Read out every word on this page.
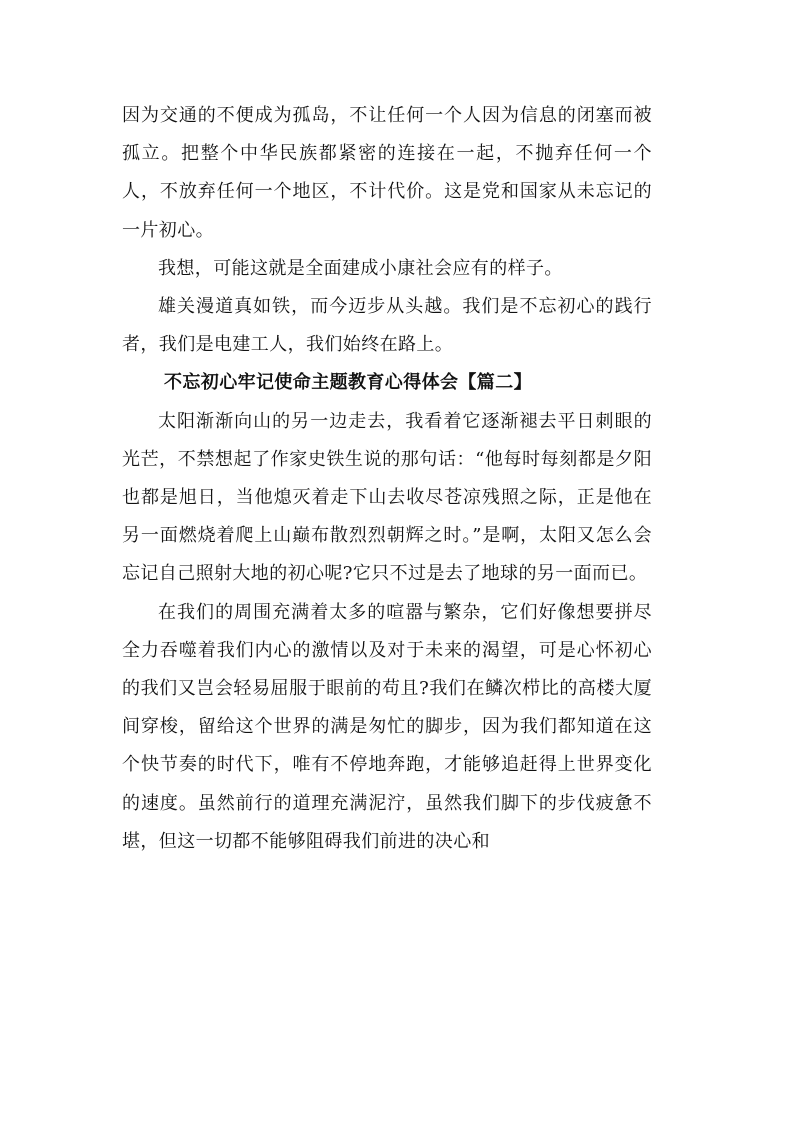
因为交通的不便成为孤岛，不让任何一个人因为信息的闭塞而被孤立。把整个中华民族都紧密的连接在一起，不抛弃任何一个人，不放弃任何一个地区，不计代价。这是党和国家从未忘记的一片初心。

我想，可能这就是全面建成小康社会应有的样子。

雄关漫道真如铁，而今迈步从头越。我们是不忘初心的践行者，我们是电建工人，我们始终在路上。

不忘初心牢记使命主题教育心得体会【篇二】

太阳渐渐向山的另一边走去，我看着它逐渐褪去平日刺眼的光芒，不禁想起了作家史铁生说的那句话：“他每时每刻都是夕阳也都是旭日，当他熄灭着走下山去收尽苍凉残照之际，正是他在另一面燃烧着爬上山巅布散烈烈朝辉之时。”是啊，太阳又怎么会忘记自己照射大地的初心呢?它只不过是去了地球的另一面而已。

在我们的周围充满着太多的喧嚣与繁杂，它们好像想要拼尽全力吞噬着我们内心的激情以及对于未来的渴望，可是心怀初心的我们又岂会轻易屈服于眼前的苟且?我们在鳞次栉比的高楼大厦间穿梭，留给这个世界的满是匆忙的脚步，因为我们都知道在这个快节奏的时代下，唯有不停地奔跑，才能够追赶得上世界变化的速度。虽然前行的道理充满泥泞，虽然我们脚下的步伐疲惫不堪，但这一切都不能够阻碍我们前进的决心和
